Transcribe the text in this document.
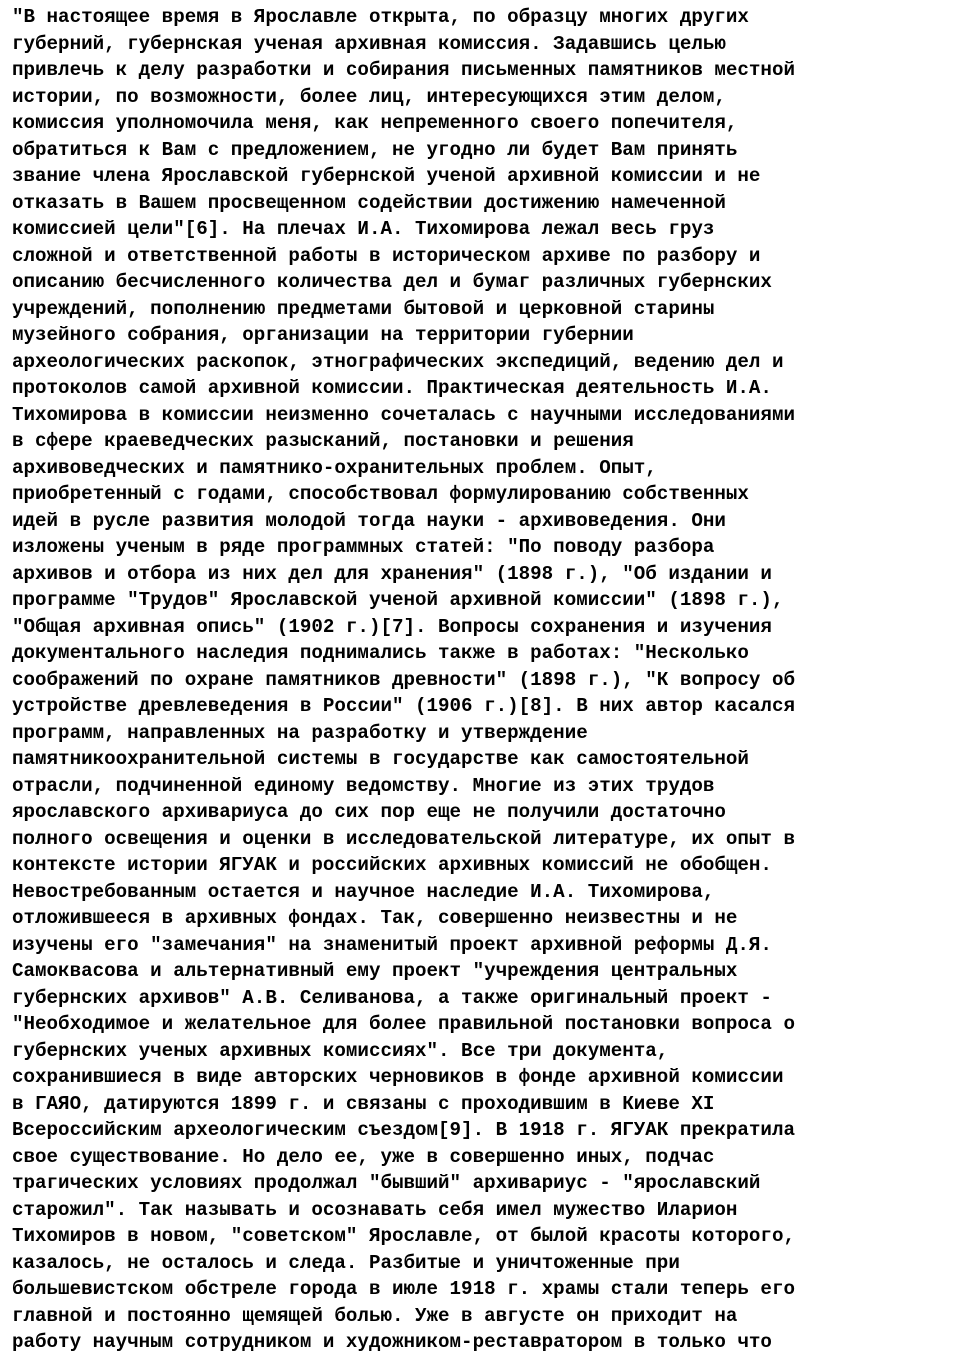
"В настоящее время в Ярославле открыта, по образцу многих других
губерний, губернская ученая архивная комиссия. Задавшись целью
привлечь к делу разработки и собирания письменных памятников местной
истории, по возможности, более лиц, интересующихся этим делом,
комиссия уполномочила меня, как непременного своего попечителя,
обратиться к Вам с предложением, не угодно ли будет Вам принять
звание члена Ярославской губернской ученой архивной комиссии и не
отказать в Вашем просвещенном содействии достижению намеченной
комиссией цели"[6]. На плечах И.А. Тихомирова лежал весь груз
сложной и ответственной работы в историческом архиве по разбору и
описанию бесчисленного количества дел и бумаг различных губернских
учреждений, пополнению предметами бытовой и церковной старины
музейного собрания, организации на территории губернии
археологических раскопок, этнографических экспедиций, ведению дел и
протоколов самой архивной комиссии. Практическая деятельность И.А.
Тихомирова в комиссии неизменно сочеталась с научными исследованиями
в сфере краеведческих разысканий, постановки и решения
архивоведческих и памятнико-охранительных проблем. Опыт,
приобретенный с годами, способствовал формулированию собственных
идей в русле развития молодой тогда науки - архивоведения. Они
изложены ученым в ряде программных статей: "По поводу разбора
архивов и отбора из них дел для хранения" (1898 г.), "Об издании и
программе "Трудов" Ярославской ученой архивной комиссии" (1898 г.),
"Общая архивная опись" (1902 г.)[7]. Вопросы сохранения и изучения
документального наследия поднимались также в работах: "Несколько
соображений по охране памятников древности" (1898 г.), "К вопросу об
устройстве древлеведения в России" (1906 г.)[8]. В них автор касался
программ, направленных на разработку и утверждение
памятникоохранительной системы в государстве как самостоятельной
отрасли, подчиненной единому ведомству. Многие из этих трудов
ярославского архивариуса до сих пор еще не получили достаточно
полного освещения и оценки в исследовательской литературе, их опыт в
контексте истории ЯГУАК и российских архивных комиссий не обобщен.
Невостребованным остается и научное наследие И.А. Тихомирова,
отложившееся в архивных фондах. Так, совершенно неизвестны и не
изучены его "замечания" на знаменитый проект архивной реформы Д.Я.
Самоквасова и альтернативный ему проект "учреждения центральных
губернских архивов" А.В. Селиванова, а также оригинальный проект -
"Необходимое и желательное для более правильной постановки вопроса о
губернских ученых архивных комиссиях". Все три документа,
сохранившиеся в виде авторских черновиков в фонде архивной комиссии
в ГАЯО, датируются 1899 г. и связаны с проходившим в Киеве XI
Всероссийским археологическим съездом[9]. В 1918 г. ЯГУАК прекратила
свое существование. Но дело ее, уже в совершенно иных, подчас
трагических условиях продолжал "бывший" архивариус - "ярославский
старожил". Так называть и осознавать себя имел мужество Иларион
Тихомиров в новом, "советском" Ярославле, от былой красоты которого,
казалось, не осталось и следа. Разбитые и уничтоженные при
большевистском обстреле города в июле 1918 г. храмы стали теперь его
главной и постоянно щемящей болью. Уже в августе он приходит на
работу научным сотрудником и художником-реставратором в только что
